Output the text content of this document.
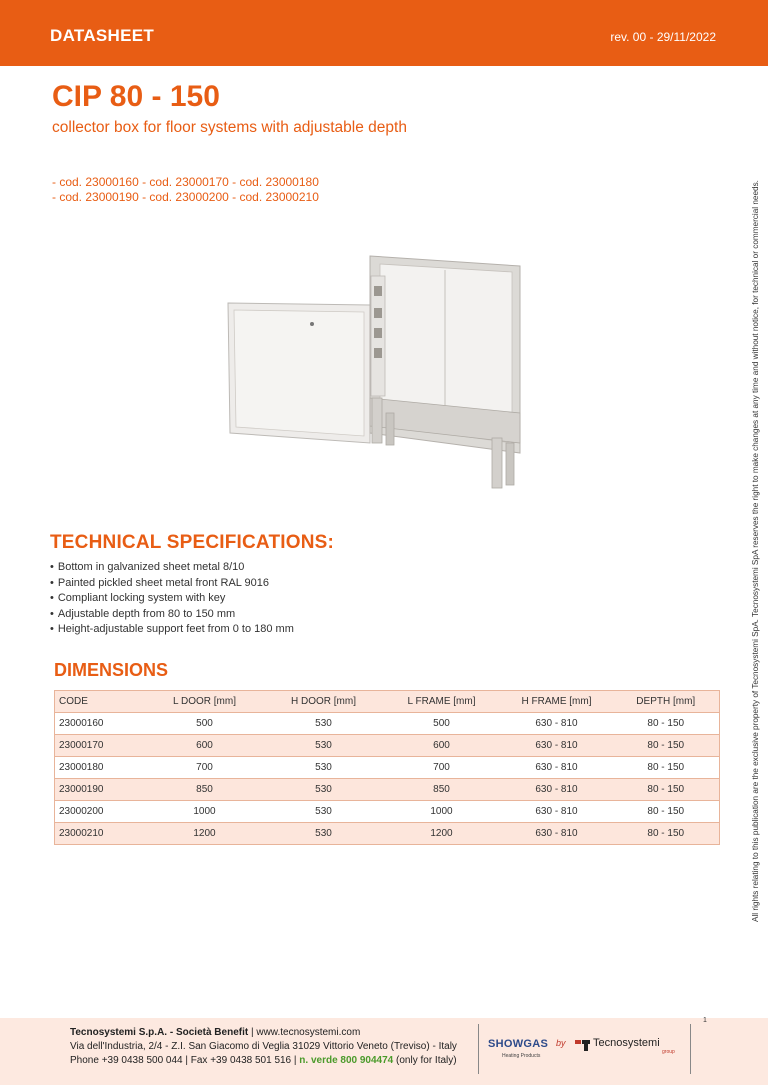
DATASHEET	rev. 00 - 29/11/2022
CIP 80 - 150
collector box for floor systems with adjustable depth
- cod. 23000160 - cod. 23000170 - cod. 23000180
- cod. 23000190 - cod. 23000200 - cod. 23000210
TECHNICAL SPECIFICATIONS:
• Bottom in galvanized sheet metal 8/10
• Painted pickled sheet metal front RAL 9016
• Compliant locking system with key
• Adjustable depth from 80 to 150 mm
• Height-adjustable support feet from 0 to 180 mm
DIMENSIONS
CODE	L DOOR [mm]	H DOOR [mm]	L FRAME [mm]	H FRAME [mm]	DEPTH [mm]
23000160	500	530	500	630 - 810	80 - 150
23000170	600	530	600	630 - 810	80 - 150
23000180	700	530	700	630 - 810	80 - 150
23000190	850	530	850	630 - 810	80 - 150
23000200	1000	530	1000	630 - 810	80 - 150
23000210	1200	530	1200	630 - 810	80 - 150	All rights relating to this publication are the exclusive property of Tecnosystemi SpA. Tecnosystemi SpA reserves the right to make changes at any time and without notice, for technical or commercial needs.
Tecnosystemi S.p.A. - Società Benefit | www.tecnosystemi.com
Via dell'Industria, 2/4 - Z.I. San Giacomo di Veglia 31029 Vittorio Veneto (Treviso) - Italy
Phone +39 0438 500 044 | Fax +39 0438 501 516 | n. verde 800 904474 (only for Italy)
1
SHOWGAS
Heating Products
by Tecnosystemi
group
